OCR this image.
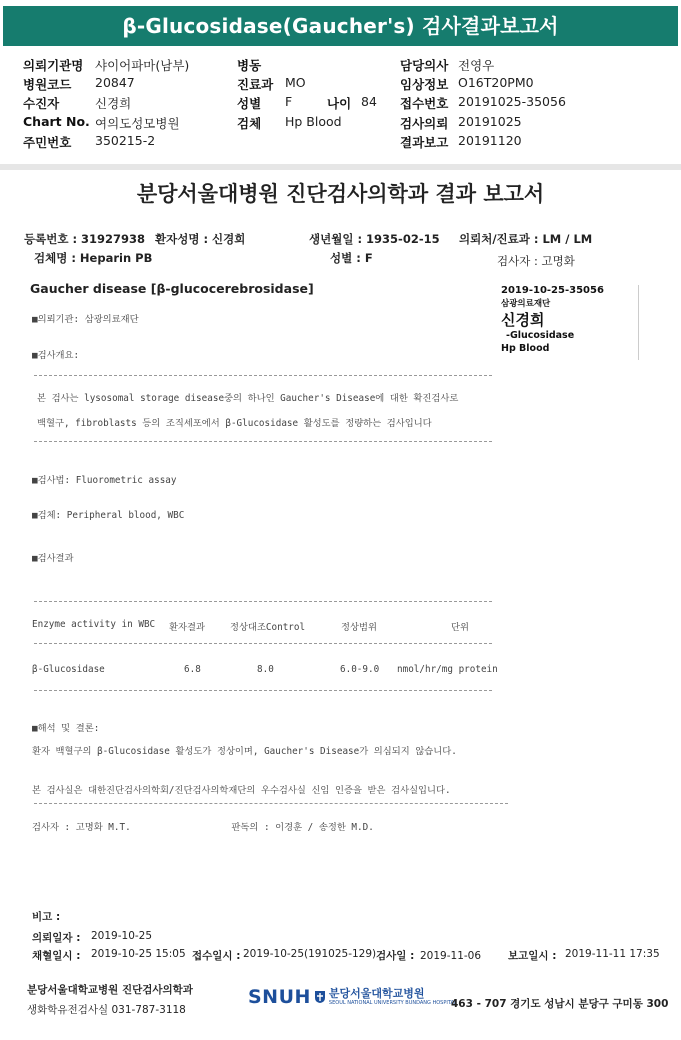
β-Glucosidase(Gaucher's) 검사결과보고서
의뢰기관명 샤이어파마(남부)
병원코드 20847
수진자	신경희
Chart No. 여의도성모병원
주민번호 350215-2
병동
진료과 MO
성별 F	나이 84
검체 Hp Blood
담당의사 전영우
임상정보 O16T20PM0
접수번호 20191025-35056
검사의뢰 20191025
결과보고 20191120
분당서울대병원 진단검사의학과 결과 보고서
등록번호 : 31927938 환자성명 : 신경희	생년월일 : 1935-02-15 의뢰처/진료과 : LM / LM
검체명 : Heparin PB	성별 : F	검사자 : 고명화
Gaucher disease [β-glucocerebrosidase]	2019-10-25-35056
삼광의료재단
신경희
-Glucosidase
Hp Blood
■의뢰기관: 삼광의료재단
■검사개요:
본 검사는 lysosomal storage disease중의 하나인 Gaucher's Disease에 대한 확진검사로
백혈구, fibroblasts 등의 조직세포에서 β-Glucosidase 활성도를 정량하는 검사입니다
■검사법: Fluorometric assay
■검체: Peripheral blood, WBC
■검사결과
Enzyme activity in WBC 환자결과	정상대조Control	정상범위	단위
β-Glucosidase	6.8	8.0	6.0-9.0 nmol/hr/mg protein
■해석 및 결론:
환자 백혈구의 β-Glucosidase 활성도가 정상이며, Gaucher's Disease가 의심되지 않습니다.
본 검사실은 대한진단검사의학회/진단검사의학재단의 우수검사실 신임 인증을 받은 검사실입니다.
검사자 : 고명화 M.T.                  판독의 : 이경훈 / 송정한 M.D.
비고 :
의뢰일자 : 2019-10-25
채혈일시 : 2019-10-25 15:05 접수일시 : 2019-10-25(191025-129) 검사일 : 2019-11-06	보고일시 : 2019-11-11 17:35
분당서울대학교병원 진단검사의학과
생화학유전검사실 031-787-3118
SNUH 분당서울대학교병원
SEOUL NATIONAL UNIVERSITY BUNDANG HOSPITAL
463 - 707 경기도 성남시 분당구 구미동 300
